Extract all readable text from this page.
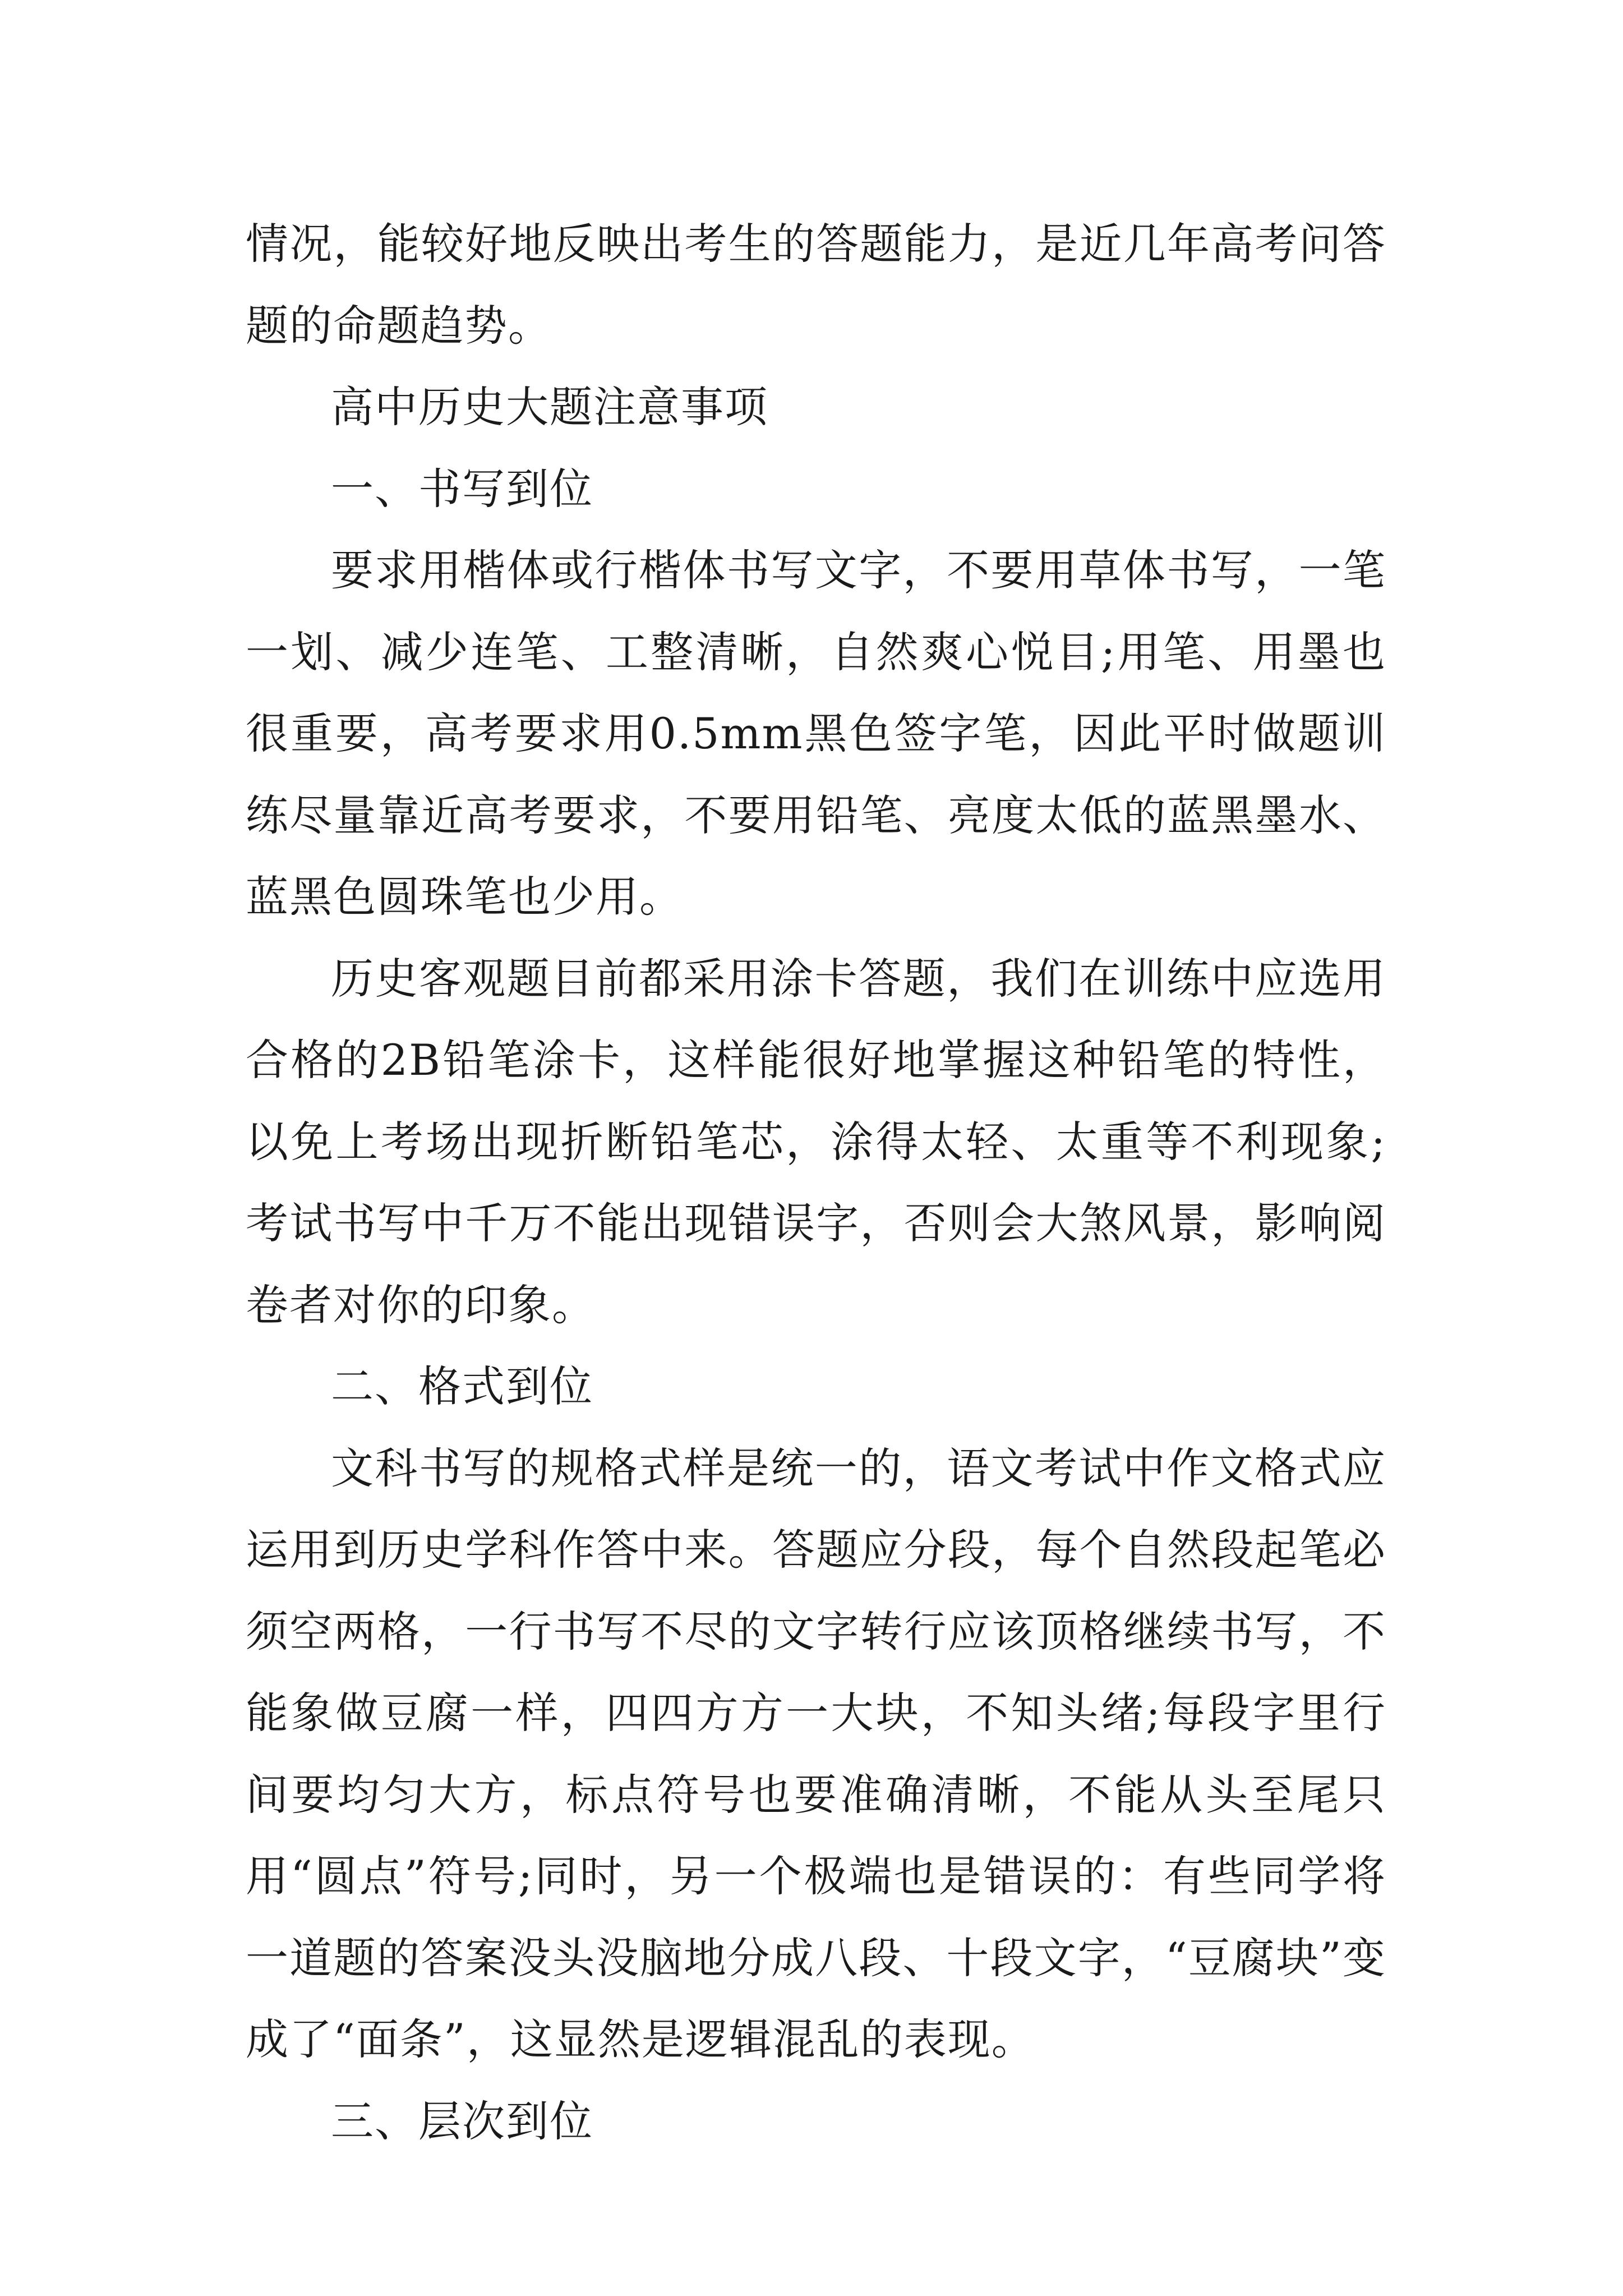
情况，能较好地反映出考生的答题能力，是近几年高考问答题的命题趋势。

高中历史大题注意事项

一、书写到位

要求用楷体或行楷体书写文字，不要用草体书写，一笔一划、减少连笔、工整清晰，自然爽心悦目;用笔、用墨也很重要，高考要求用0.5mm黑色签字笔，因此平时做题训练尽量靠近高考要求，不要用铅笔、亮度太低的蓝黑墨水、蓝黑色圆珠笔也少用。

历史客观题目前都采用涂卡答题，我们在训练中应选用合格的2B铅笔涂卡，这样能很好地掌握这种铅笔的特性，以免上考场出现折断铅笔芯，涂得太轻、太重等不利现象;考试书写中千万不能出现错误字，否则会大煞风景，影响阅卷者对你的印象。

二、格式到位

文科书写的规格式样是统一的，语文考试中作文格式应运用到历史学科作答中来。答题应分段，每个自然段起笔必须空两格，一行书写不尽的文字转行应该顶格继续书写，不能象做豆腐一样，四四方方一大块，不知头绪;每段字里行间要均匀大方，标点符号也要准确清晰，不能从头至尾只用“圆点”符号;同时，另一个极端也是错误的：有些同学将一道题的答案没头没脑地分成八段、十段文字，“豆腐块”变成了“面条”，这显然是逻辑混乱的表现。

三、层次到位
